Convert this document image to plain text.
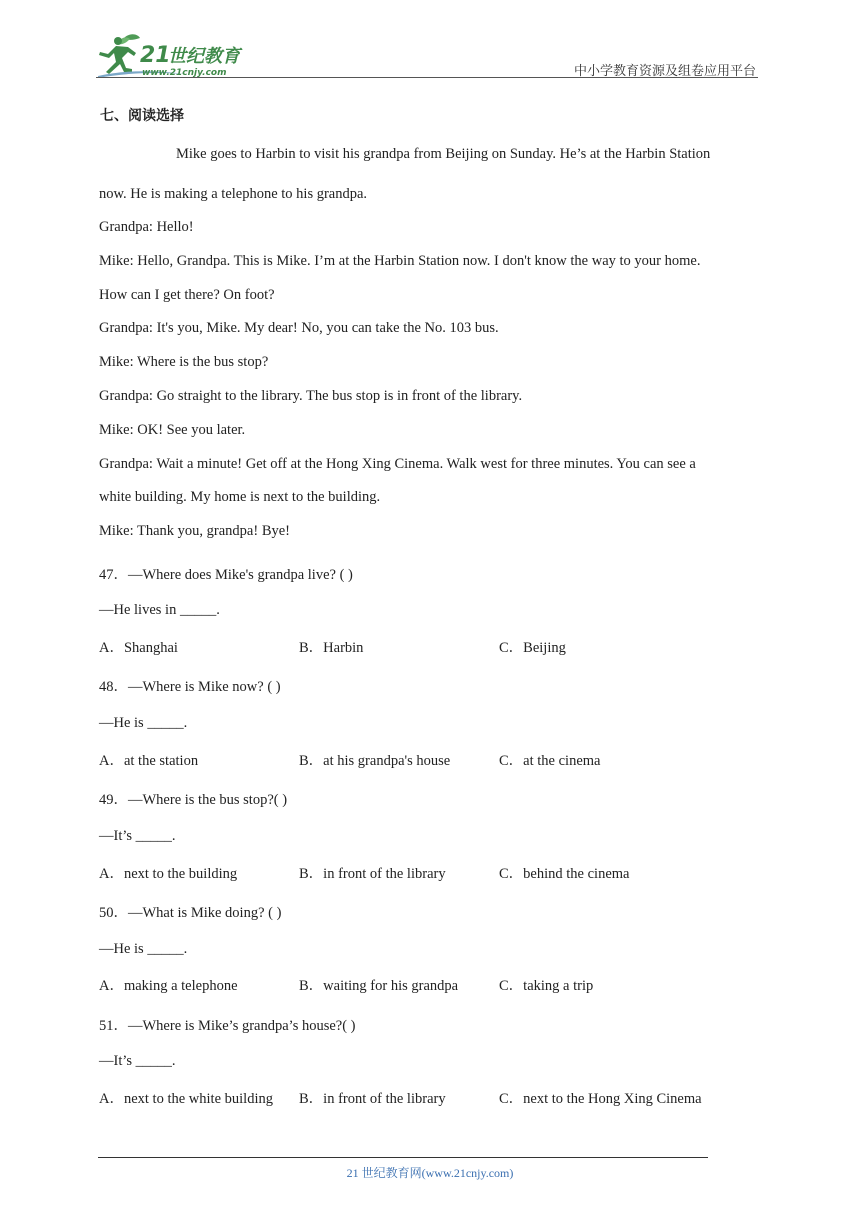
21
世纪教育
www.21cnjy.com	中小学教育资源及组卷应用平台
七、阅读选择
Mike goes to Harbin to visit his grandpa from Beijing on Sunday. He’s at the Harbin Station
now. He is making a telephone to his grandpa.
Grandpa: Hello!
Mike: Hello, Grandpa. This is Mike. I’m at the Harbin Station now. I don't know the way to your home.
How can I get there? On foot?
Grandpa: It's you, Mike. My dear! No, you can take the No. 103 bus.
Mike: Where is the bus stop?
Grandpa: Go straight to the library. The bus stop is in front of the library.
Mike: OK! See you later.
Grandpa: Wait a minute! Get off at the Hong Xing Cinema. Walk west for three minutes. You can see a
white building. My home is next to the building.
Mike: Thank you, grandpa! Bye!
47．—Where does Mike's grandpa live? ( )
—He lives in _____.
A．Shanghai	B．Harbin	C．Beijing
48．—Where is Mike now? ( )
—He is _____.
A．at the station	B．at his grandpa's house	C．at the cinema
49．—Where is the bus stop?( )
—It’s _____.
A．next to the building	B．in front of the library	C．behind the cinema
50．—What is Mike doing? ( )
—He is _____.
A．making a telephone	B．waiting for his grandpa	C．taking a trip
51．—Where is Mike’s grandpa’s house?( )
—It’s _____.
A．next to the white building B．in front of the library	C．next to the Hong Xing Cinema
21 世纪教育网(www.21cnjy.com)
